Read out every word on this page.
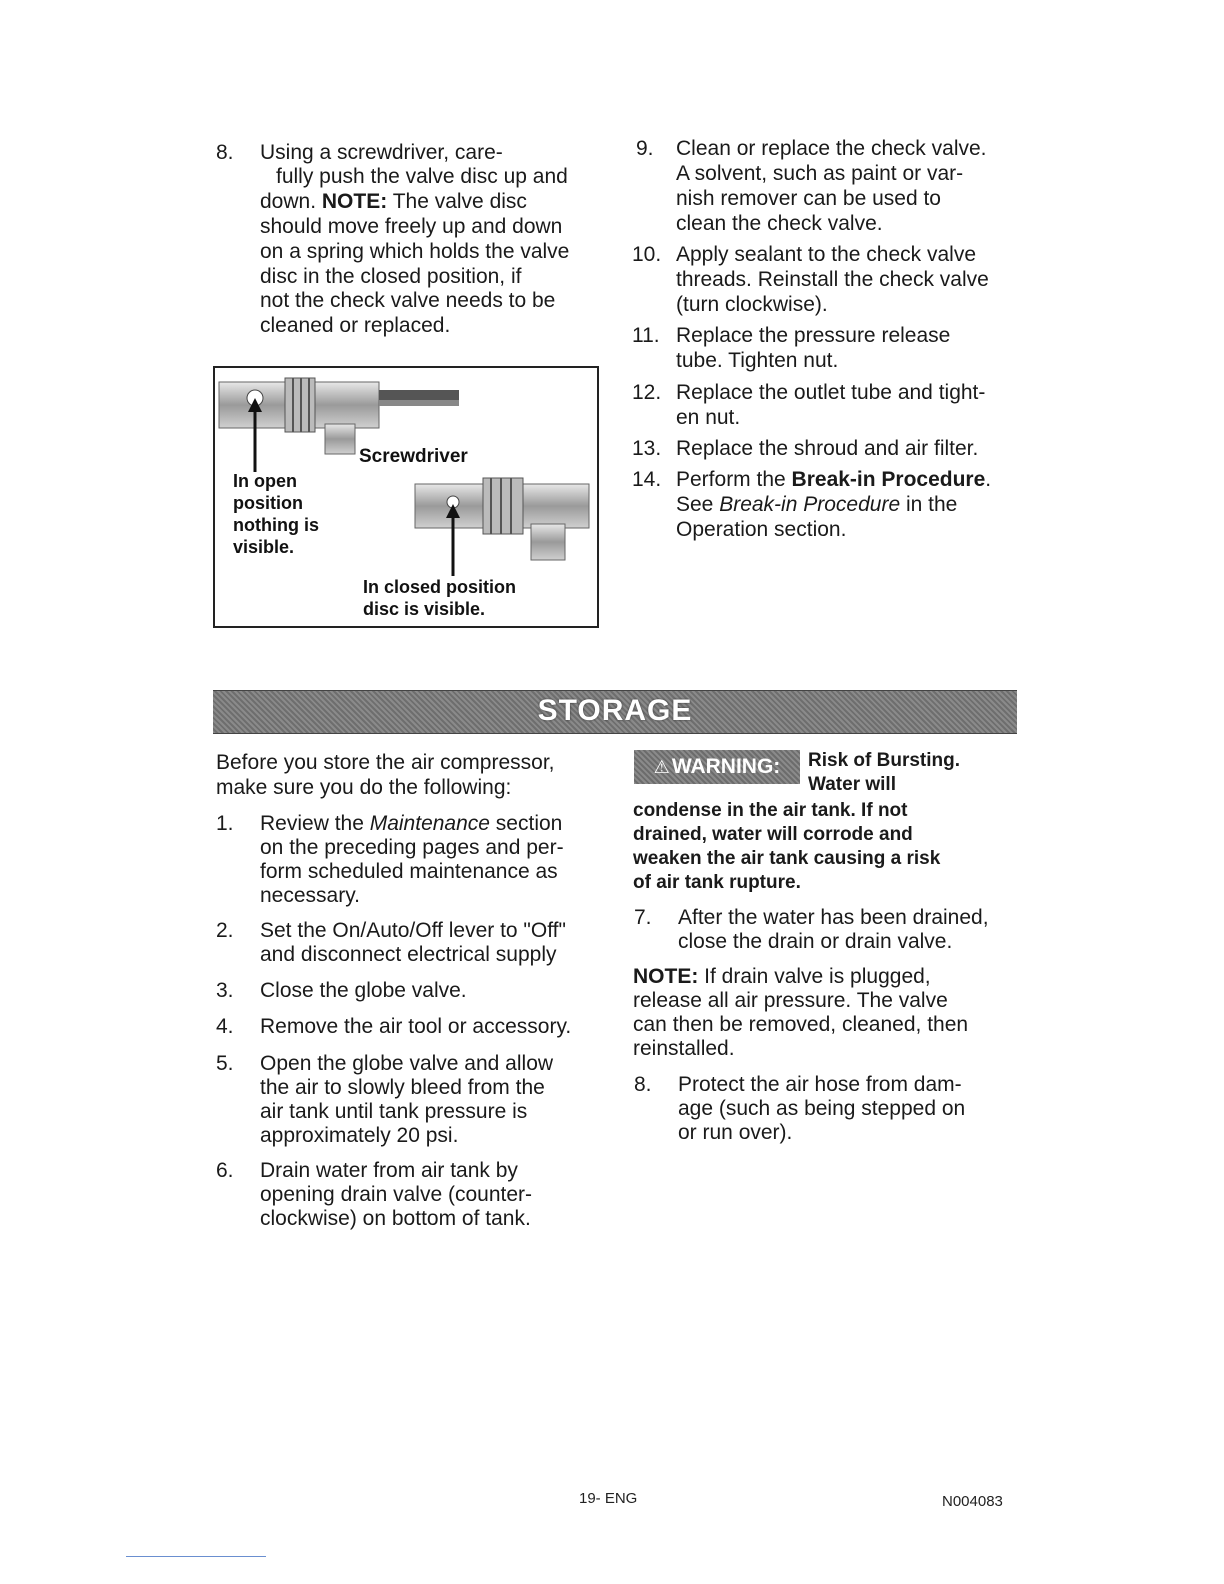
8. Using a screwdriver, care-
fully push the valve disc up and
down. NOTE: The valve disc
should move freely up and down
on a spring which holds the valve
disc in the closed position, if
not the check valve needs to be
cleaned or replaced.
Screwdriver
In open
position
nothing is
visible.
In closed position
disc is visible.
9. Clean or replace the check valve.
A solvent, such as paint or var-
nish remover can be used to
clean the check valve.
10. Apply sealant to the check valve
threads. Reinstall the check valve
(turn clockwise).
11. Replace the pressure release
tube. Tighten nut.
12. Replace the outlet tube and tight-
en nut.
13. Replace the shroud and air filter.
14. Perform the Break-in Procedure.
See Break-in Procedure in the
Operation section.
STORAGE
Before you store the air compressor,
make sure you do the following:
1. Review the Maintenance section
on the preceding pages and per-
form scheduled maintenance as
necessary.
2. Set the On/Auto/Off lever to "Off"
and disconnect electrical supply
3. Close the globe valve.
4. Remove the air tool or accessory.
5. Open the globe valve and allow
the air to slowly bleed from the
air tank until tank pressure is
approximately 20 psi.
6. Drain water from air tank by
opening drain valve (counter-
clockwise) on bottom of tank.
⚠ WARNING: Risk of Bursting.
Water will
condense in the air tank. If not
drained, water will corrode and
weaken the air tank causing a risk
of air tank rupture.
7. After the water has been drained,
close the drain or drain valve.
NOTE: If drain valve is plugged,
release all air pressure. The valve
can then be removed, cleaned, then
reinstalled.
8. Protect the air hose from dam-
age (such as being stepped on
or run over).
19- ENG	N004083
